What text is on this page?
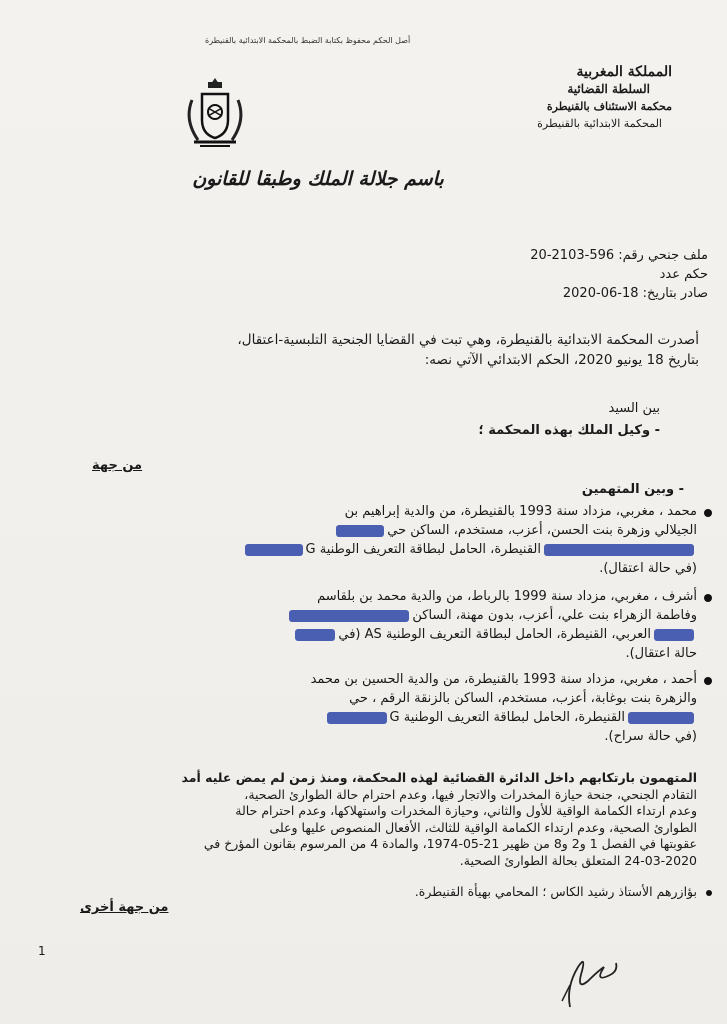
أصل الحكم محفوظ بكتابة الضبط بالمحكمة الابتدائية بالقنيطرة
المملكة المغربية
السلطة القضائية
محكمة الاستئناف بالقنيطرة
المحكمة الابتدائية بالقنيطرة
باسم جلالة الملك وطبقا للقانون
ملف جنحي رقم: 596-2103-20
حكم عدد
صادر بتاريخ: 18-06-2020
أصدرت المحكمة الابتدائية بالقنيطرة، وهي تبت في القضايا الجنحية التلبسية-اعتقال،
بتاريخ 18 يونيو 2020، الحكم الابتدائي الآتي نصه:
بين السيد
- وكيل الملك بهذه المحكمة ؛
من جهة
- وبين المتهمين
محمد ، مغربي، مزداد سنة 1993 بالقنيطرة، من والدية إبراهيم بن
الجيلالي وزهرة بنت الحسن، أعزب، مستخدم، الساكن حي
القنيطرة، الحامل لبطاقة التعريف الوطنية G
(في حالة اعتقال).
أشرف ، مغربي، مزداد سنة 1999 بالرباط، من والدية محمد بن بلقاسم
وفاطمة الزهراء بنت علي، أعزب، بدون مهنة، الساكن
العربي، القنيطرة، الحامل لبطاقة التعريف الوطنية AS (في
حالة اعتقال).
أحمد ، مغربي، مزداد سنة 1993 بالقنيطرة، من والدية الحسين بن محمد
والزهرة بنت بوغابة، أعزب، مستخدم، الساكن بالزنقة الرقم ، حي
القنيطرة، الحامل لبطاقة التعريف الوطنية G
(في حالة سراح).
المتهمون بارتكابهم داخل الدائرة القضائية لهذه المحكمة، ومنذ زمن لم يمض عليه أمد
التقادم الجنحي، جنحة حيازة المخدرات والاتجار فيها، وعدم احترام حالة الطوارئ الصحية،
وعدم ارتداء الكمامة الواقية للأول والثاني، وحيازة المخدرات واستهلاكها، وعدم احترام حالة
الطوارئ الصحية، وعدم ارتداء الكمامة الواقية للثالث، الأفعال المنصوص عليها وعلى
عقوبتها في الفصل 1 و2 و8 من ظهير 21-05-1974، والمادة 4 من المرسوم بقانون المؤرخ في
24-03-2020 المتعلق بحالة الطوارئ الصحية.
بؤازرهم الأستاذ رشيد الكاس ؛ المحامي بهيأة القنيطرة.
من جهة أخرى
1
